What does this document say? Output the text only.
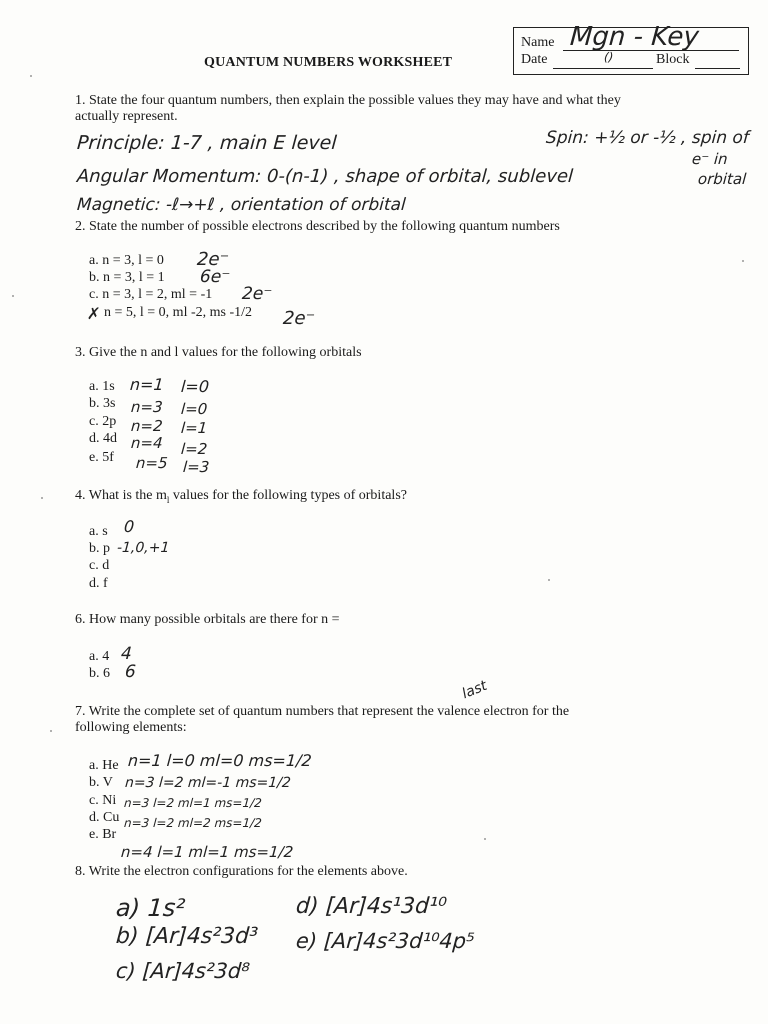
Name Mgn - Key
Date	()	Block
QUANTUM NUMBERS WORKSHEET
1. State the four quantum numbers, then explain the possible values they may have and what they
actually represent.
Principle: 1-7 , main E level
Angular Momentum: 0-(n-1) , shape of orbital, sublevel
Magnetic: -ℓ→+ℓ , orientation of orbital
Spin: +½ or -½ , spin of
e⁻ in
orbital
2. State the number of possible electrons described by the following quantum numbers
a. n = 3, l = 0 2e⁻
b. n = 3, l = 1 6e⁻
c. n = 3, l = 2, ml = -1 2e⁻
✗ n = 5, l = 0, ml -2, ms -1/2 2e⁻
3. Give the n and l values for the following orbitals
a. 1s n=1 l=0
b. 3s n=3 l=0
c. 2p n=2 l=1
d. 4d n=4 l=2
e. 5f n=5 l=3
4. What is the $m_l$ values for the following types of orbitals?
a. s 0
b. p -1,0,+1
c. d
d. f
6. How many possible orbitals are there for n =
a. 4 4
b. 6 6
last
7. Write the complete set of quantum numbers that represent the valence electron for the
following elements:
a. He n=1 l=0 ml=0 ms=1/2
b. V n=3 l=2 ml=-1 ms=1/2
c. Ni n=3 l=2 ml=1 ms=1/2
d. Cu n=3 l=2 ml=2 ms=1/2
e. Br
n=4 l=1 ml=1 ms=1/2
8. Write the electron configurations for the elements above.
a) 1s²
b) [Ar]4s²3d³
c) [Ar]4s²3d⁸
d) [Ar]4s¹3d¹⁰
e) [Ar]4s²3d¹⁰4p⁵
